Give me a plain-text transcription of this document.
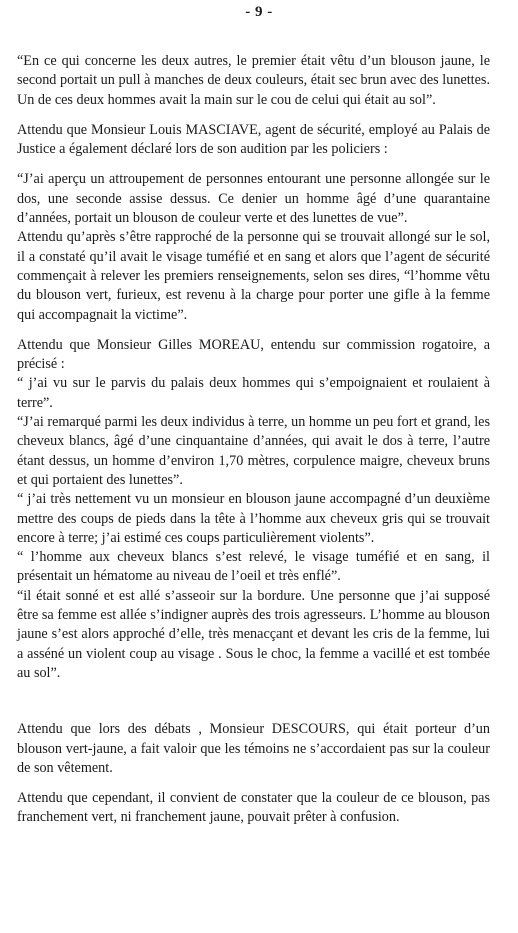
- 9 -

“En ce qui concerne les deux autres, le premier était vêtu d’un blouson jaune, le second portait un pull à manches de deux couleurs, était sec brun avec des lunettes. Un de ces deux hommes avait la main sur le cou de celui qui était au sol”.

Attendu que Monsieur Louis MASCIAVE, agent de sécurité, employé au Palais de Justice a également déclaré lors de son audition par les policiers :

“J’ai aperçu un attroupement de personnes entourant une personne allongée sur le dos, une seconde assise dessus. Ce denier un homme âgé d’une quarantaine d’années, portait un blouson de couleur verte et des lunettes de vue”.

Attendu qu’après s’être rapproché de la personne qui se trouvait allongé sur le sol, il a constaté qu’il avait le visage tuméfié et en sang et alors que l’agent de sécurité commençait à relever les premiers renseignements, selon ses dires, “l’homme vêtu du blouson vert, furieux, est revenu à la charge pour porter une gifle à la femme qui accompagnait la victime”.

Attendu que Monsieur Gilles MOREAU, entendu sur commission rogatoire, a précisé :

“ j’ai vu sur le parvis du palais deux hommes qui s’empoignaient et roulaient à terre”.

“J’ai remarqué parmi les deux individus à terre, un homme un peu fort et grand, les cheveux blancs, âgé d’une cinquantaine d’années, qui avait le dos à terre, l’autre étant dessus, un homme d’environ 1,70 mètres, corpulence maigre, cheveux bruns et qui portaient des lunettes”.

“ j’ai très nettement vu un monsieur en blouson jaune accompagné d’un deuxième mettre des coups de pieds dans la tête à l’homme aux cheveux gris qui se trouvait encore à terre; j’ai estimé ces coups particulièrement violents”.

“ l’homme aux cheveux blancs s’est relevé, le visage tuméfié et en sang, il présentait un hématome au niveau de l’oeil et très enflé”.

“il était sonné et est allé s’asseoir sur la bordure. Une personne que j’ai supposé être sa femme est allée s’indigner auprès des trois agresseurs. L’homme au blouson jaune s’est alors approché d’elle, très menacçant et devant les cris de la femme, lui a asséné un violent coup au visage . Sous le choc, la femme a vacillé et est tombée au sol”.

Attendu que lors des débats , Monsieur DESCOURS, qui était porteur d’un blouson vert-jaune, a fait valoir que les témoins ne s’accordaient pas sur la couleur de son vêtement.

Attendu que cependant, il convient de constater que la couleur de ce blouson, pas franchement vert, ni franchement jaune, pouvait prêter à confusion.
